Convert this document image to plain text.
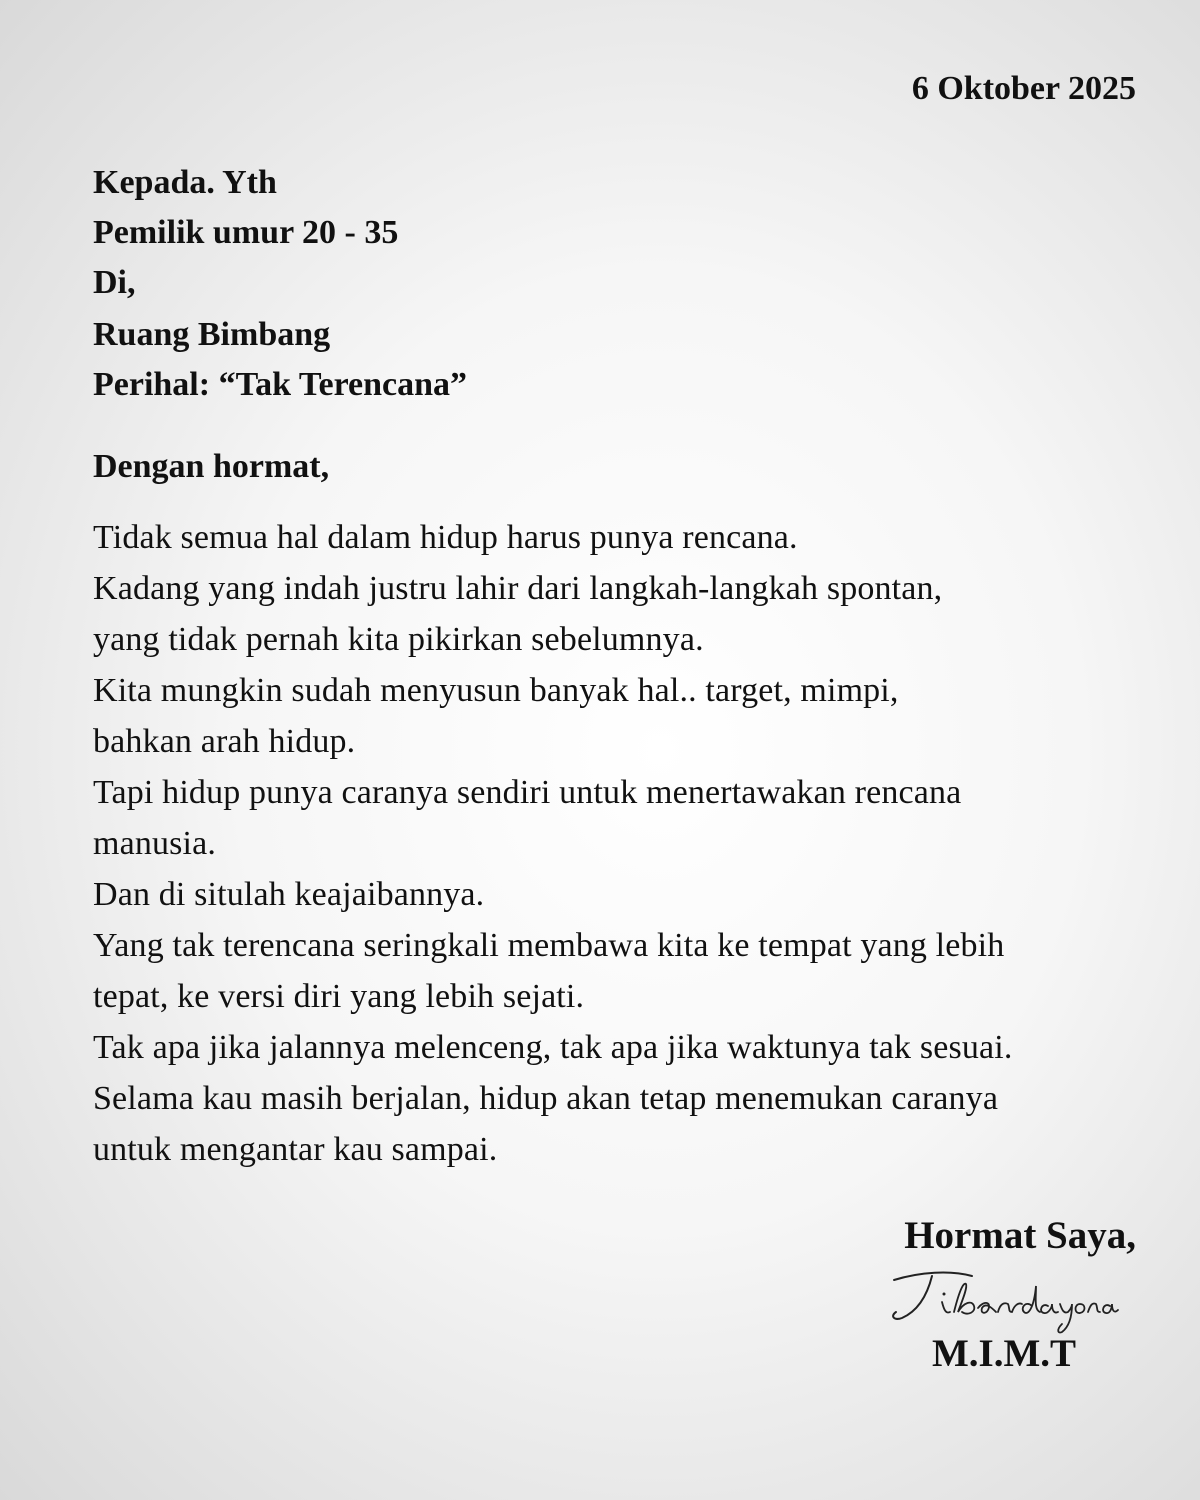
6 Oktober 2025
Kepada. Yth
Pemilik umur 20 - 35
Di,
Ruang Bimbang
Perihal: “Tak Terencana”
Dengan hormat,
Tidak semua hal dalam hidup harus punya rencana.
Kadang yang indah justru lahir dari langkah-langkah spontan,
yang tidak pernah kita pikirkan sebelumnya.
Kita mungkin sudah menyusun banyak hal.. target, mimpi,
bahkan arah hidup.
Tapi hidup punya caranya sendiri untuk menertawakan rencana
manusia.
Dan di situlah keajaibannya.
Yang tak terencana seringkali membawa kita ke tempat yang lebih
tepat, ke versi diri yang lebih sejati.
Tak apa jika jalannya melenceng, tak apa jika waktunya tak sesuai.
Selama kau masih berjalan, hidup akan tetap menemukan caranya
untuk mengantar kau sampai.
Hormat Saya,
M.I.M.T
